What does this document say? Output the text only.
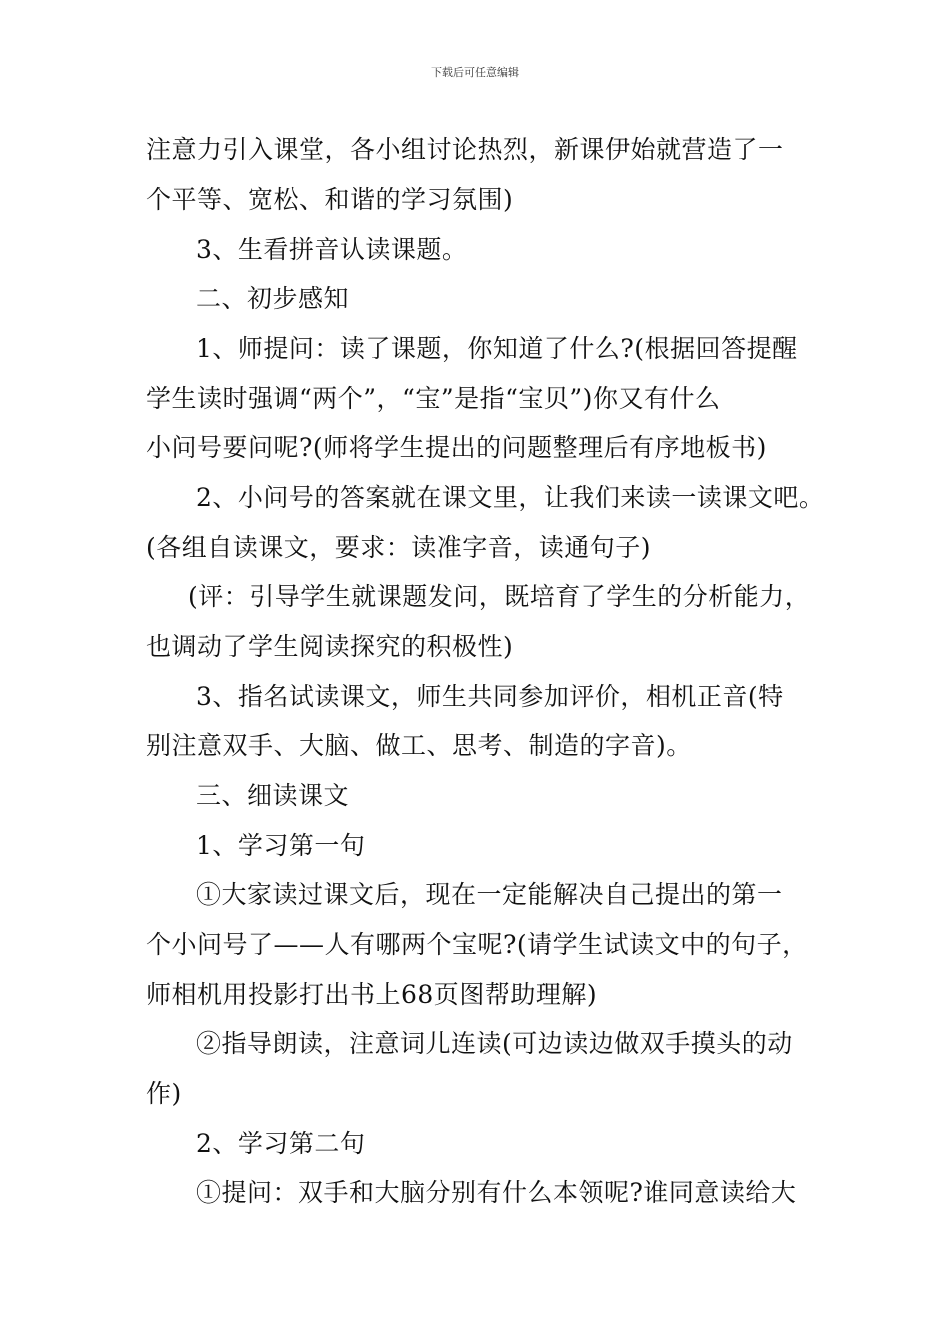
下载后可任意编辑
注意力引入课堂，各小组讨论热烈，新课伊始就营造了一
个平等、宽松、和谐的学习氛围)
3、生看拼音认读课题。
二、初步感知
1、师提问：读了课题，你知道了什么?(根据回答提醒
学生读时强调“两个”，“宝”是指“宝贝”)你又有什么
小问号要问呢?(师将学生提出的问题整理后有序地板书)
2、小问号的答案就在课文里，让我们来读一读课文吧。
(各组自读课文，要求：读准字音，读通句子)
(评：引导学生就课题发问，既培育了学生的分析能力，
也调动了学生阅读探究的积极性)
3、指名试读课文，师生共同参加评价，相机正音(特
别注意双手、大脑、做工、思考、制造的字音)。
三、细读课文
1、学习第一句
①大家读过课文后，现在一定能解决自己提出的第一
个小问号了——人有哪两个宝呢?(请学生试读文中的句子，
师相机用投影打出书上68页图帮助理解)
②指导朗读，注意词儿连读(可边读边做双手摸头的动
作)
2、学习第二句
①提问：双手和大脑分别有什么本领呢?谁同意读给大
